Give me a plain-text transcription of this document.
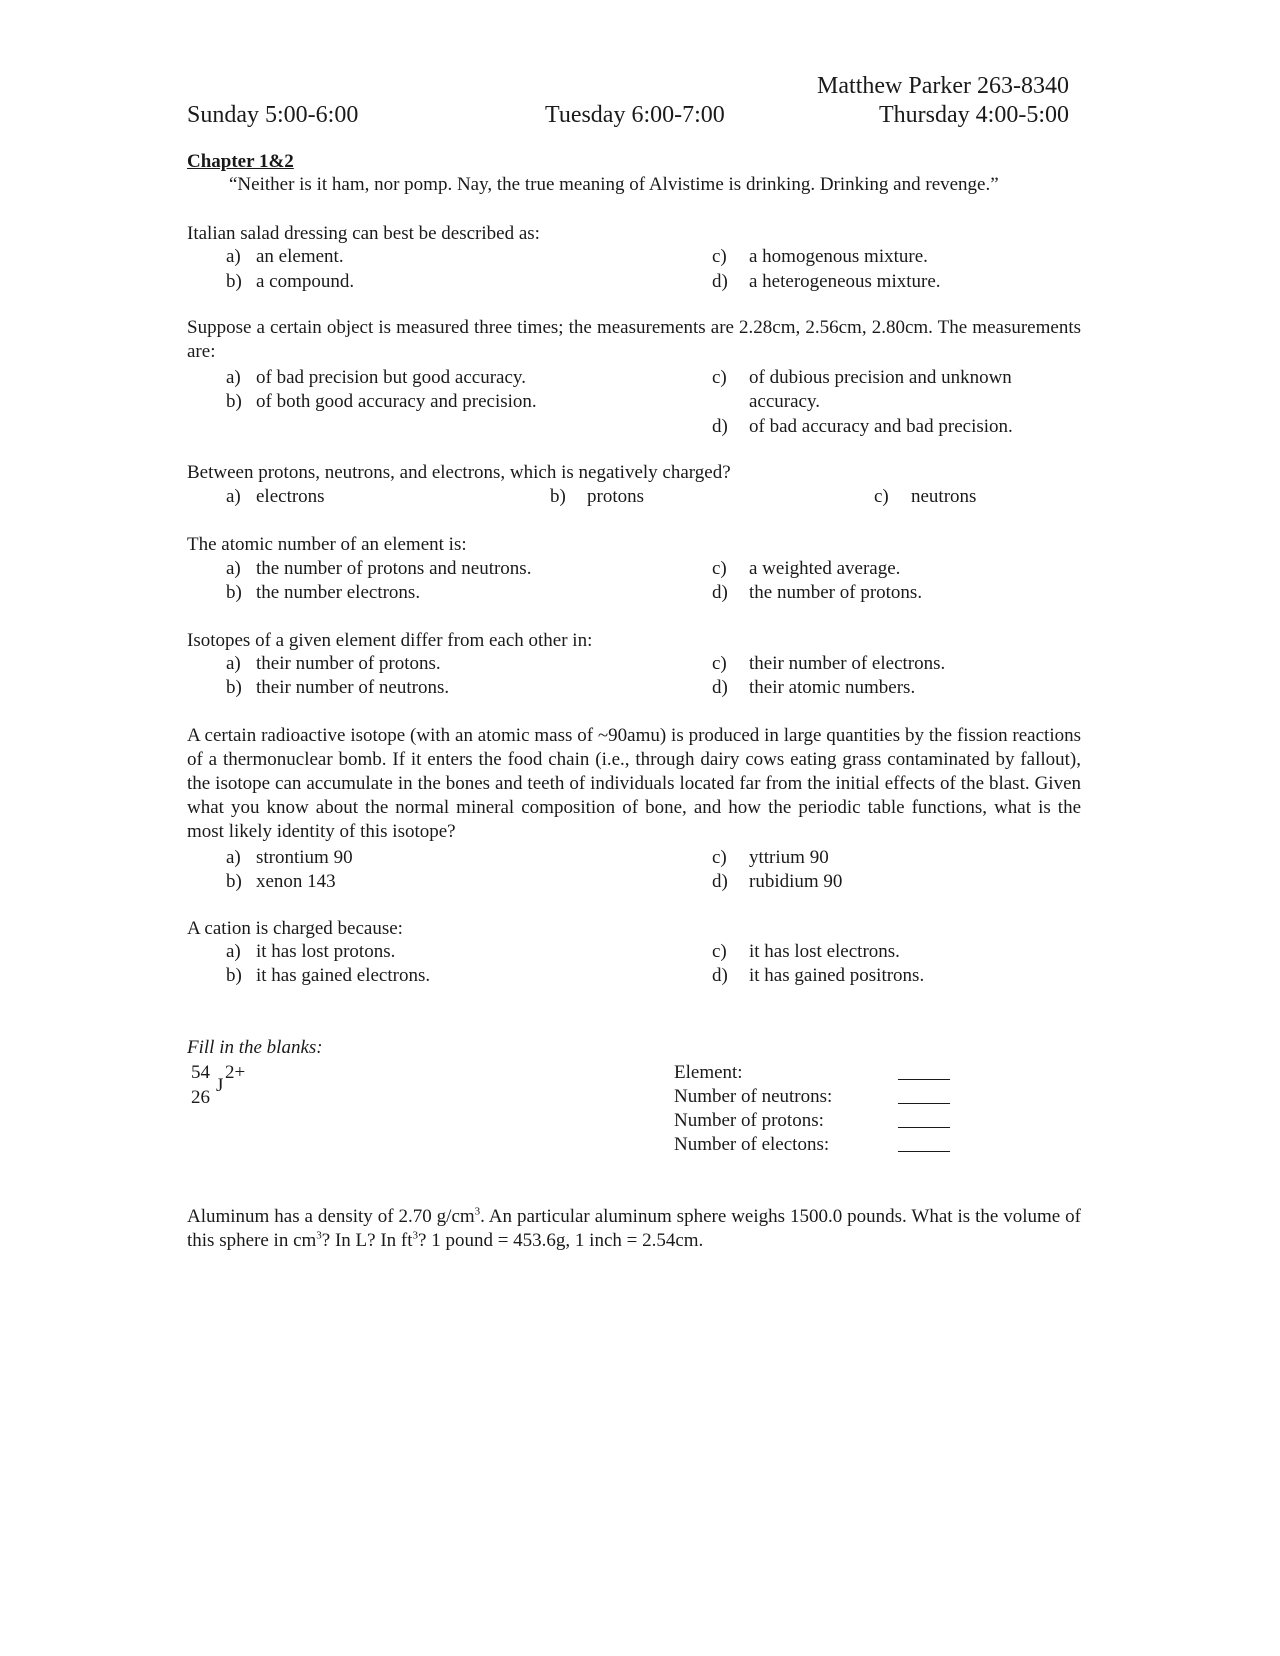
Matthew Parker 263-8340
Sunday 5:00-6:00	Tuesday 6:00-7:00	Thursday 4:00-5:00
Chapter 1&2
“Neither is it ham, nor pomp. Nay, the true meaning of Alvistime is drinking. Drinking and revenge.”
Italian salad dressing can best be described as:
a) an element.
b) a compound.
c) a homogenous mixture.
d) a heterogeneous mixture.
Suppose a certain object is measured three times; the measurements are 2.28cm, 2.56cm, 2.80cm. The measurements are:
a) of bad precision but good accuracy.
b) of both good accuracy and precision.
c) of dubious precision and unknown
accuracy.
d) of bad accuracy and bad precision.
Between protons, neutrons, and electrons, which is negatively charged?
a) electrons	b) protons	c) neutrons
The atomic number of an element is:
a) the number of protons and neutrons.
b) the number electrons.
c) a weighted average.
d) the number of protons.
Isotopes of a given element differ from each other in:
a) their number of protons.
b) their number of neutrons.
c) their number of electrons.
d) their atomic numbers.
A certain radioactive isotope (with an atomic mass of ~90amu) is produced in large quantities by the fission reactions of a thermonuclear bomb. If it enters the food chain (i.e., through dairy cows eating grass contaminated by fallout), the isotope can accumulate in the bones and teeth of individuals located far from the initial effects of the blast. Given what you know about the normal mineral composition of bone, and how the periodic table functions, what is the most likely identity of this isotope?
a) strontium 90
b) xenon 143
c) yttrium 90
d) rubidium 90
A cation is charged because:
a) it has lost protons.
b) it has gained electrons.
c) it has lost electrons.
d) it has gained positrons.
Fill in the blanks:
54 2+
J
26
Element:
Number of neutrons:
Number of protons:
Number of electons:
Aluminum has a density of 2.70 $g/cm^3$. An particular aluminum sphere weighs 1500.0 pounds. What is the volume of this sphere in $cm^3$? In L? In $ft^3$? 1 pound = 453.6g, 1 inch = 2.54cm.
